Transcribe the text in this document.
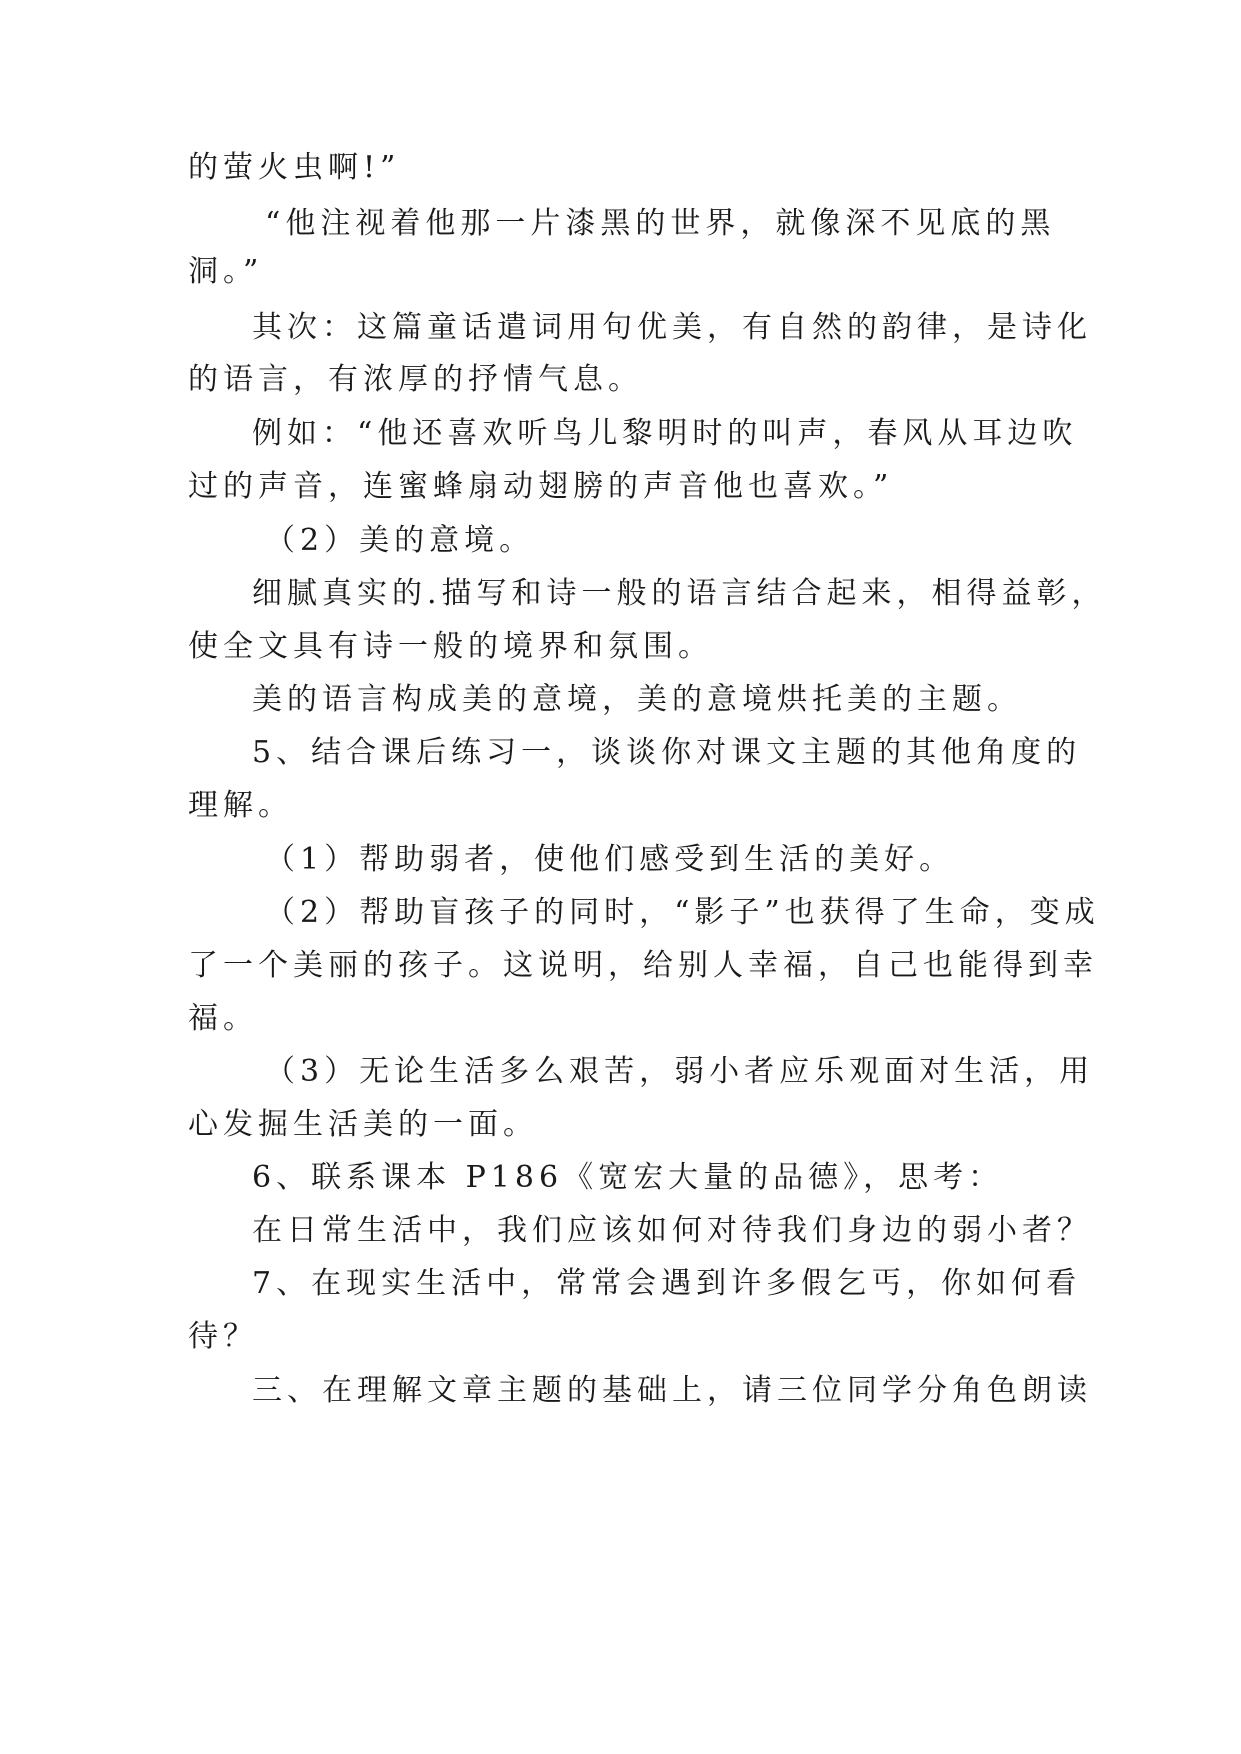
的萤火虫啊!”
“他注视着他那一片漆黑的世界，就像深不见底的黑
洞。”
其次：这篇童话遣词用句优美，有自然的韵律，是诗化
的语言，有浓厚的抒情气息。
例如：“他还喜欢听鸟儿黎明时的叫声，春风从耳边吹
过的声音，连蜜蜂扇动翅膀的声音他也喜欢。”
（2）美的意境。
细腻真实的.描写和诗一般的语言结合起来，相得益彰，
使全文具有诗一般的境界和氛围。
美的语言构成美的意境，美的意境烘托美的主题。
5、结合课后练习一，谈谈你对课文主题的其他角度的
理解。
（1）帮助弱者，使他们感受到生活的美好。
（2）帮助盲孩子的同时，“影子”也获得了生命，变成
了一个美丽的孩子。这说明，给别人幸福，自己也能得到幸
福。
（3）无论生活多么艰苦，弱小者应乐观面对生活，用
心发掘生活美的一面。
6、联系课本 P186《宽宏大量的品德》，思考：
在日常生活中，我们应该如何对待我们身边的弱小者？
7、在现实生活中，常常会遇到许多假乞丐，你如何看
待？
三、在理解文章主题的基础上，请三位同学分角色朗读
